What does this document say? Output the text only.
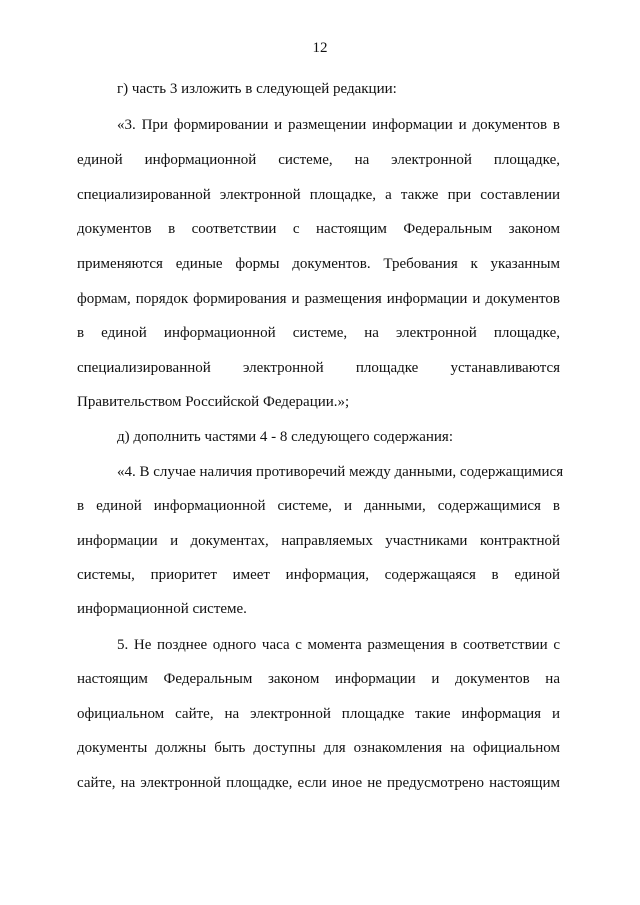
12
г) часть 3 изложить в следующей редакции:
«3. При формировании и размещении информации и документов в
единой информационной системе, на электронной площадке,
специализированной электронной площадке, а также при составлении
документов в соответствии с настоящим Федеральным законом
применяются единые формы документов. Требования к указанным
формам, порядок формирования и размещения информации и документов
в единой информационной системе, на электронной площадке,
специализированной электронной площадке устанавливаются
Правительством Российской Федерации.»;
д) дополнить частями 4 - 8 следующего содержания:
«4. В случае наличия противоречий между данными, содержащимися
в единой информационной системе, и данными, содержащимися в
информации и документах, направляемых участниками контрактной
системы, приоритет имеет информация, содержащаяся в единой
информационной системе.
5. Не позднее одного часа с момента размещения в соответствии с
настоящим Федеральным законом информации и документов на
официальном сайте, на электронной площадке такие информация и
документы должны быть доступны для ознакомления на официальном
сайте, на электронной площадке, если иное не предусмотрено настоящим
